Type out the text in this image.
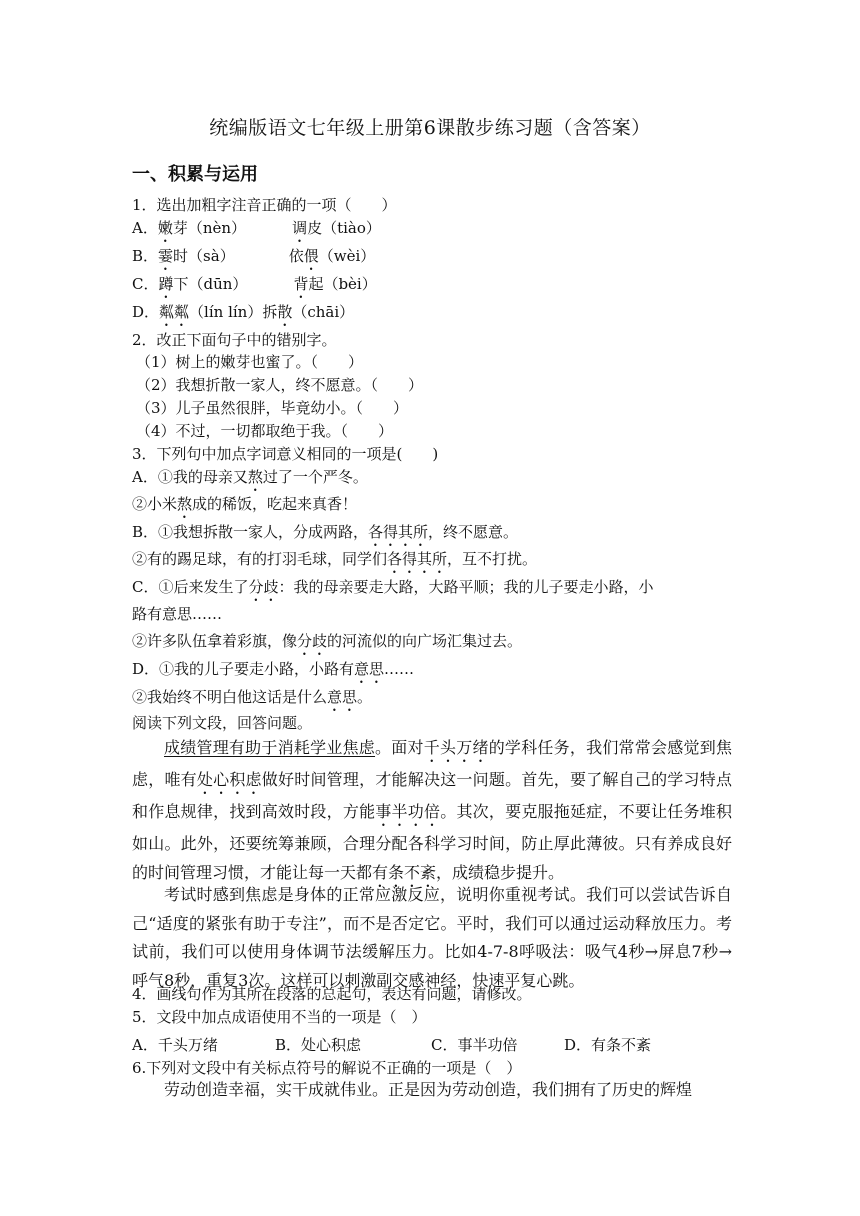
统编版语文七年级上册第6课散步练习题（含答案）
一、积累与运用
1．选出加粗字注音正确的一项（　　）
A．嫩芽（nèn）	调皮（tiào）
B．霎时（sà）	依偎（wèi）
C．蹲下（dūn）	背起（bèi）
D．粼粼（lín lín）拆散（chāi）
2．改正下面句子中的错别字。
（1）树上的嫩芽也蜜了。（　　）
（2）我想折散一家人，终不愿意。（　　）
（3）儿子虽然很胖，毕竟幼小。（　　）
（4）不过，一切都取绝于我。（　　）
3．下列句中加点字词意义相同的一项是(　　)
A．①我的母亲又熬过了一个严冬。
②小米熬成的稀饭，吃起来真香！
B．①我想拆散一家人，分成两路，各得其所，终不愿意。
②有的踢足球，有的打羽毛球，同学们各得其所，互不打扰。
C．①后来发生了分歧：我的母亲要走大路，大路平顺；我的儿子要走小路，小
路有意思……
②许多队伍拿着彩旗，像分歧的河流似的向广场汇集过去。
D．①我的儿子要走小路，小路有意思……
②我始终不明白他这话是什么意思。
阅读下列文段，回答问题。
成绩管理有助于消耗学业焦虑。面对千头万绪的学科任务，我们常常会感觉到焦虑，唯有处心积虑做好时间管理，才能解决这一问题。首先，要了解自己的学习特点和作息规律，找到高效时段，方能事半功倍。其次，要克服拖延症，不要让任务堆积如山。此外，还要统筹兼顾，合理分配各科学习时间，防止厚此薄彼。只有养成良好的时间管理习惯，才能让每一天都有条不紊，成绩稳步提升。
考试时感到焦虑是身体的正常应激反应，说明你重视考试。我们可以尝试告诉自己“适度的紧张有助于专注”，而不是否定它。平时，我们可以通过运动释放压力。考试前，我们可以使用身体调节法缓解压力。比如4-7-8呼吸法：吸气4秒→屏息7秒→呼气8秒，重复3次。这样可以刺激副交感神经，快速平复心跳。
4．画线句作为其所在段落的总起句，表达有问题，请修改。
5．文段中加点成语使用不当的一项是（　）
A．千头万绪	B．处心积虑	C．事半功倍	D．有条不紊
6.下列对文段中有关标点符号的解说不正确的一项是（　）
劳动创造幸福，实干成就伟业。正是因为劳动创造，我们拥有了历史的辉煌
